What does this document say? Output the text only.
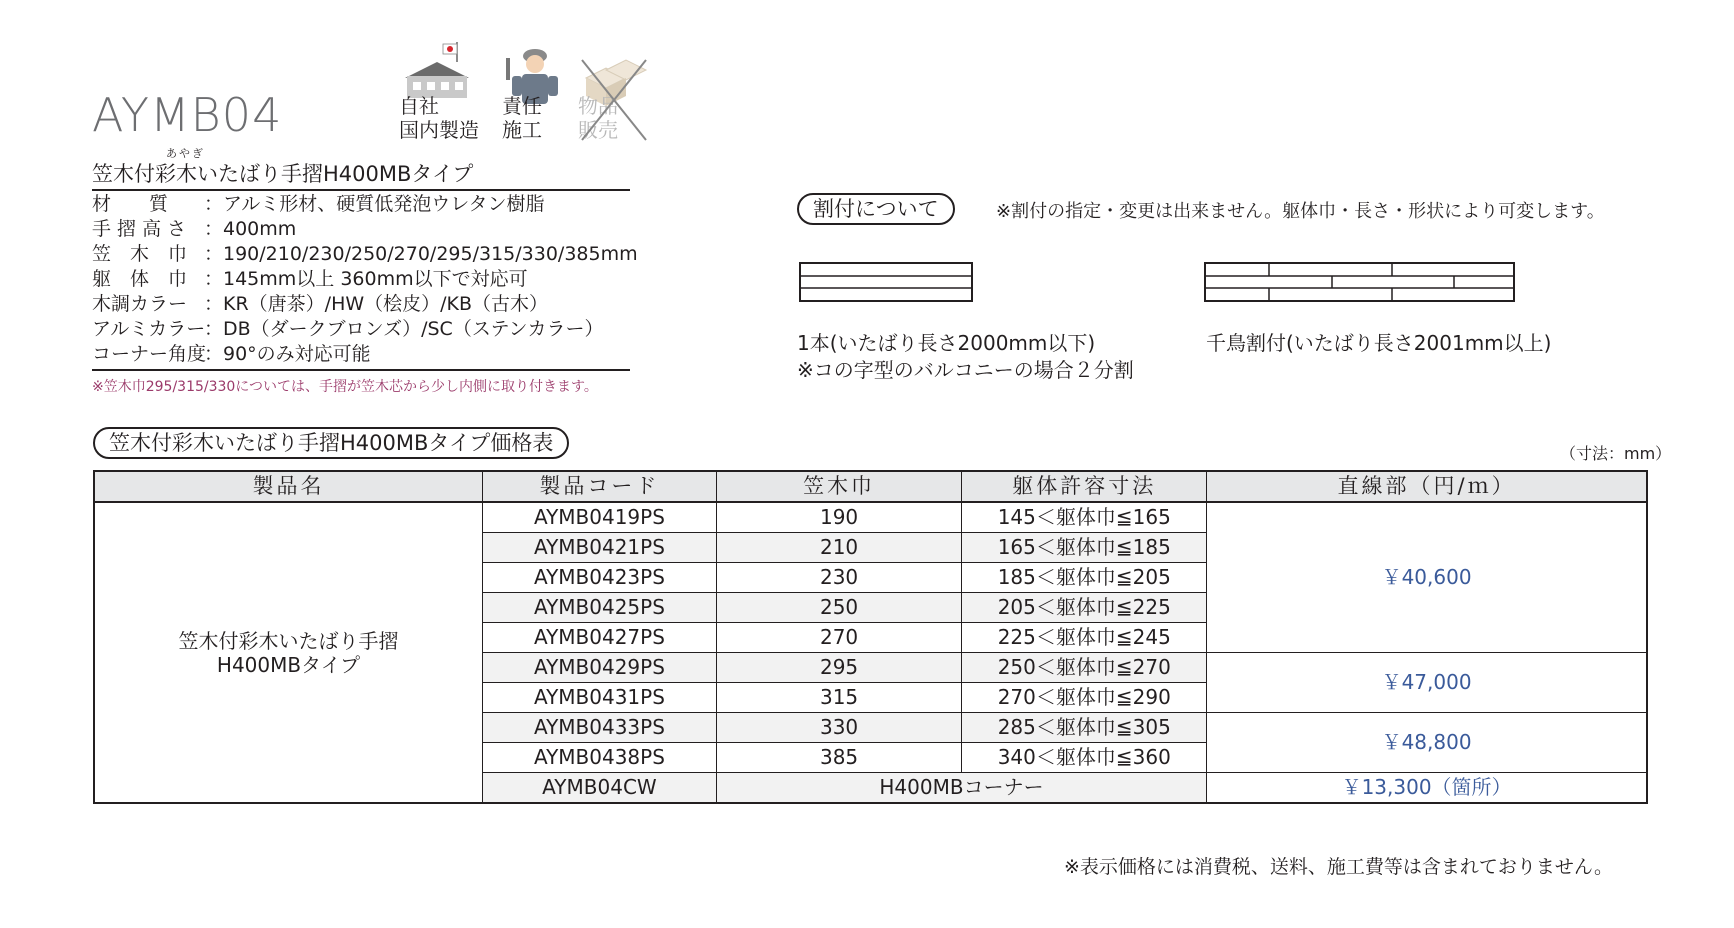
AYMB04	自社
国内製造
責任
施工
物品
販売
あやぎ
笠木付彩木いたばり手摺H400MBタイプ
材　　質 ：アルミ形材、硬質低発泡ウレタン樹脂
手 摺 高 さ ：400mm
笠　木　巾 ：190/210/230/250/270/295/315/330/385mm
躯　体　巾 ：145mm以上 360mm以下で対応可
木調カラー ：KR（唐茶）/HW（桧皮）/KB（古木）
アルミカラー：DB（ダークブロンズ）/SC（ステンカラー）
コーナー角度：90°のみ対応可能
※笠木巾295/315/330については、手摺が笠木芯から少し内側に取り付きます。
割付について	※割付の指定・変更は出来ません。躯体巾・長さ・形状により可変します。
1本(いたばり長さ2000mm以下)
※コの字型のバルコニーの場合２分割
千鳥割付(いたばり長さ2001mm以上)
笠木付彩木いたばり手摺H400MBタイプ価格表	（寸法：mm）
製品名	製品コード	笠木巾	躯体許容寸法	直線部（円/ｍ）
笠木付彩木いたばり手摺
H400MBタイプ	AYMB0419PS	190	145＜躯体巾≦165	￥40,600
	AYMB0421PS	210	165＜躯体巾≦185	
	AYMB0423PS	230	185＜躯体巾≦205	
	AYMB0425PS	250	205＜躯体巾≦225	
	AYMB0427PS	270	225＜躯体巾≦245	
	AYMB0429PS	295	250＜躯体巾≦270	￥47,000
	AYMB0431PS	315	270＜躯体巾≦290	
	AYMB0433PS	330	285＜躯体巾≦305	￥48,800
	AYMB0438PS	385	340＜躯体巾≦360	
	AYMB04CW	H400MBコーナー		￥13,300（箇所）
※表示価格には消費税、送料、施工費等は含まれておりません。
